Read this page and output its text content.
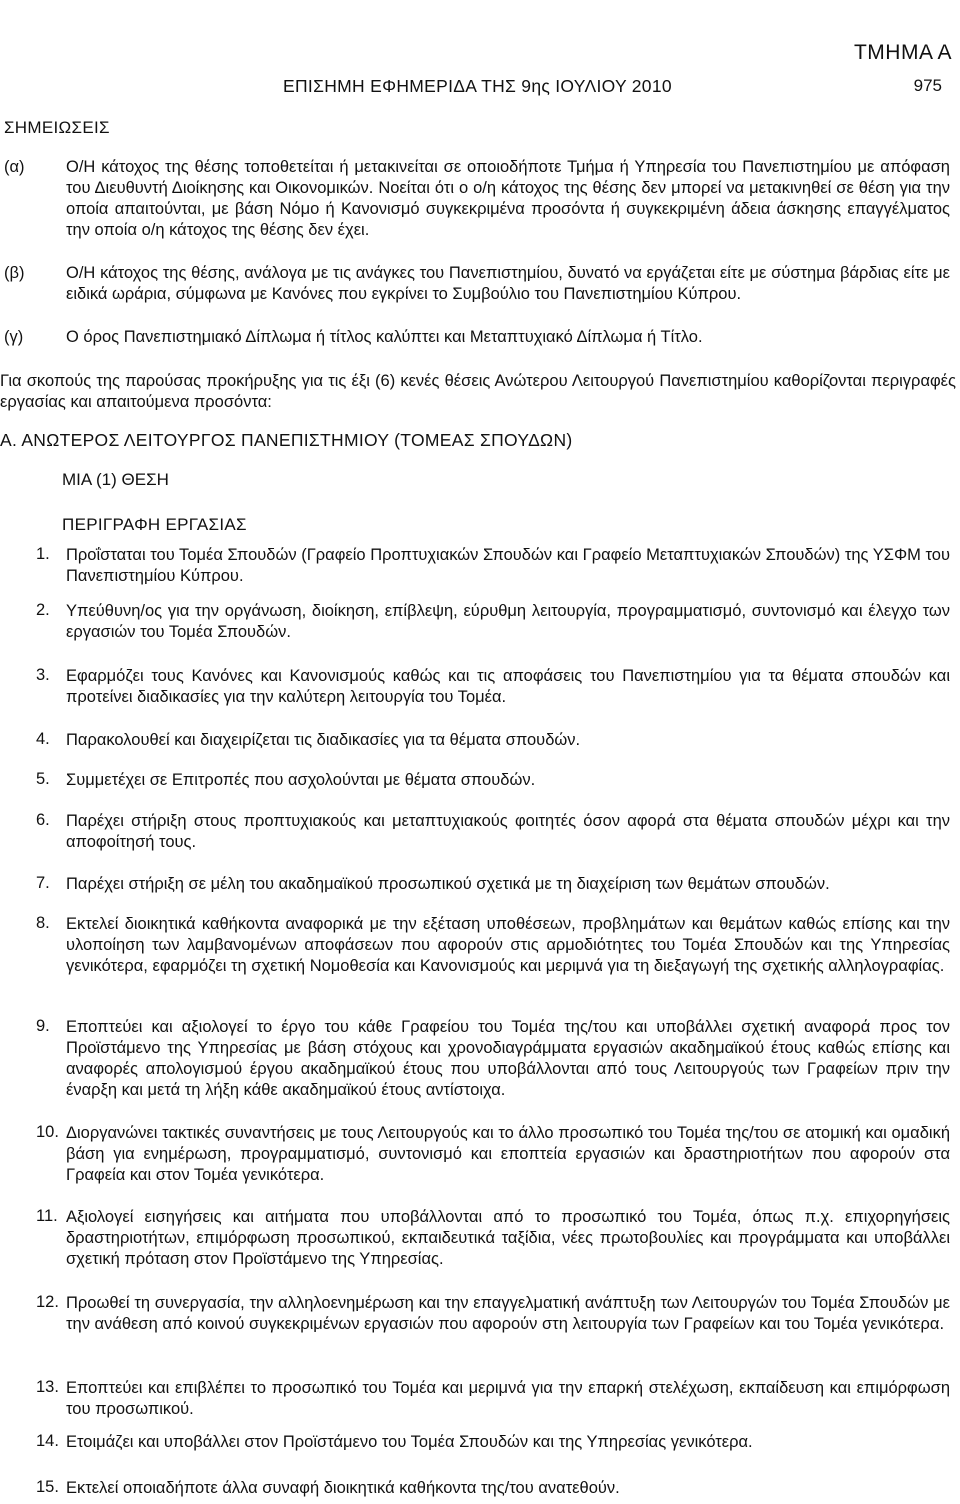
ΤΜΗΜΑ Α
ΕΠΙΣΗΜΗ ΕΦΗΜΕΡΙΔΑ ΤΗΣ 9ης ΙΟΥΛΙΟΥ 2010	975
ΣΗΜΕΙΩΣΕΙΣ
(α)	Ο/Η κάτοχος της θέσης τοποθετείται ή μετακινείται σε οποιοδήποτε Τμήμα ή Υπηρεσία του Πανεπιστημίου με απόφαση του Διευθυντή Διοίκησης και Οικονομικών. Νοείται ότι ο ο/η κάτοχος της θέσης δεν μπορεί να μετακινηθεί σε θέση για την οποία απαιτούνται, με βάση Νόμο ή Κανονισμό συγκεκριμένα προσόντα ή συγκεκριμένη άδεια άσκησης επαγγέλματος την οποία ο/η κάτοχος της θέσης δεν έχει.
(β)	Ο/Η κάτοχος της θέσης, ανάλογα με τις ανάγκες του Πανεπιστημίου, δυνατό να εργάζεται είτε με σύστημα βάρδιας είτε με ειδικά ωράρια, σύμφωνα με Κανόνες που εγκρίνει το Συμβούλιο του Πανεπιστημίου Κύπρου.
(γ)	Ο όρος Πανεπιστημιακό Δίπλωμα ή τίτλος καλύπτει και Μεταπτυχιακό Δίπλωμα ή Τίτλο.
Για σκοπούς της παρούσας προκήρυξης για τις έξι (6) κενές θέσεις Ανώτερου Λειτουργού Πανεπιστημίου καθορίζονται περιγραφές εργασίας και απαιτούμενα προσόντα:
Α. ΑΝΩΤΕΡΟΣ ΛΕΙΤΟΥΡΓΟΣ ΠΑΝΕΠΙΣΤΗΜΙΟΥ (ΤΟΜΕΑΣ ΣΠΟΥΔΩΝ)
ΜΙΑ (1) ΘΕΣΗ
ΠΕΡΙΓΡΑΦΗ ΕΡΓΑΣΙΑΣ
1. Προΐσταται του Τομέα Σπουδών (Γραφείο Προπτυχιακών Σπουδών και Γραφείο Μεταπτυχιακών Σπουδών) της ΥΣΦΜ του Πανεπιστημίου Κύπρου.
2. Υπεύθυνη/ος για την οργάνωση, διοίκηση, επίβλεψη, εύρυθμη λειτουργία, προγραμματισμό, συντονισμό και έλεγχο των εργασιών του Τομέα Σπουδών.
3. Εφαρμόζει τους Κανόνες και Κανονισμούς καθώς και τις αποφάσεις του Πανεπιστημίου για τα θέματα σπουδών και προτείνει διαδικασίες για την καλύτερη λειτουργία του Τομέα.
4. Παρακολουθεί και διαχειρίζεται τις διαδικασίες για τα θέματα σπουδών.
5. Συμμετέχει σε Επιτροπές που ασχολούνται με θέματα σπουδών.
6. Παρέχει στήριξη στους προπτυχιακούς και μεταπτυχιακούς φοιτητές όσον αφορά στα θέματα σπουδών μέχρι και την αποφοίτησή τους.
7. Παρέχει στήριξη σε μέλη του ακαδημαϊκού προσωπικού σχετικά με τη διαχείριση των θεμάτων σπουδών.
8. Εκτελεί διοικητικά καθήκοντα αναφορικά με την εξέταση υποθέσεων, προβλημάτων και θεμάτων καθώς επίσης και την υλοποίηση των λαμβανομένων αποφάσεων που αφορούν στις αρμοδιότητες του Τομέα Σπουδών και της Υπηρεσίας γενικότερα, εφαρμόζει τη σχετική Νομοθεσία και Κανονισμούς και μεριμνά για τη διεξαγωγή της σχετικής αλληλογραφίας.
9. Εποπτεύει και αξιολογεί το έργο του κάθε Γραφείου του Τομέα της/του και υποβάλλει σχετική αναφορά προς τον Προϊστάμενο της Υπηρεσίας με βάση στόχους και χρονοδιαγράμματα εργασιών ακαδημαϊκού έτους καθώς επίσης και αναφορές απολογισμού έργου ακαδημαϊκού έτους που υποβάλλονται από τους Λειτουργούς των Γραφείων πριν την έναρξη και μετά τη λήξη κάθε ακαδημαϊκού έτους αντίστοιχα.
10. Διοργανώνει τακτικές συναντήσεις με τους Λειτουργούς και το άλλο προσωπικό του Τομέα της/του σε ατομική και ομαδική βάση για ενημέρωση, προγραμματισμό, συντονισμό και εποπτεία εργασιών και δραστηριοτήτων που αφορούν στα Γραφεία και στον Τομέα γενικότερα.
11. Αξιολογεί εισηγήσεις και αιτήματα που υποβάλλονται από το προσωπικό του Τομέα, όπως π.χ. επιχορηγήσεις δραστηριοτήτων, επιμόρφωση προσωπικού, εκπαιδευτικά ταξίδια, νέες πρωτοβουλίες και προγράμματα και υποβάλλει σχετική πρόταση στον Προϊστάμενο της Υπηρεσίας.
12. Προωθεί τη συνεργασία, την αλληλοενημέρωση και την επαγγελματική ανάπτυξη των Λειτουργών του Τομέα Σπουδών με την ανάθεση από κοινού συγκεκριμένων εργασιών που αφορούν στη λειτουργία των Γραφείων και του Τομέα γενικότερα.
13. Εποπτεύει και επιβλέπει το προσωπικό του Τομέα και μεριμνά για την επαρκή στελέχωση, εκπαίδευση και επιμόρφωση του προσωπικού.
14. Ετοιμάζει και υποβάλλει στον Προϊστάμενο του Τομέα Σπουδών και της Υπηρεσίας γενικότερα.
15. Εκτελεί οποιαδήποτε άλλα συναφή διοικητικά καθήκοντα της/του ανατεθούν.
